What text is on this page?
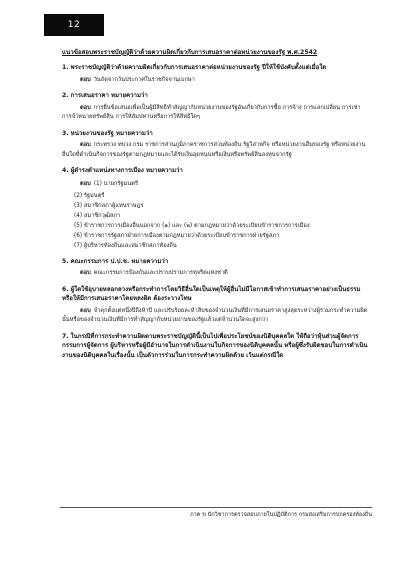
12
แนวข้อสอบพระราชบัญญัติว่าด้วยความผิดเกี่ยวกับการเสนอราคาต่อหน่วยงานของรัฐ พ.ศ.2542
1. พระราชบัญญัติว่าด้วยความผิดเกี่ยวกับการเสนอราคาต่อหน่วยงานของรัฐ ปีให้ใช้บังคับตั้งแต่เมื่อใด
ตอบ วันถัดจากวันประกาศในราชกิจจานุเบกษา
2. การเสนอราคา หมายความว่า
ตอบ การยื่นข้อเสนอเพื่อเป็นผู้มีสิทธิทำสัญญากับหน่วยงานของรัฐอันเกี่ยวกับการซื้อ การจ้าง การแลกเปลี่ยน การเช่า การจำหน่ายทรัพย์สิน การให้สัมปทานหรือการให้สิทธิใดๆ
3. หน่วยงานของรัฐ หมายความว่า
ตอบ กระทรวง ทบวง กรม ราชการส่วนภูมิภาคราชการส่วนท้องถิ่น รัฐวิสาหกิจ หรือหน่วยงานอื่นของรัฐ หรือหน่วยงานอื่นใดที่ดำเนินกิจการของรัฐตามกฎหมายและได้รับเงินอุดหนุนหรือเงินหรือทรัพย์สินลงทุนจากรัฐ
4. ผู้ดำรงตำแหน่งทางการเมือง หมายความว่า
ตอบ (1) นายกรัฐมนตรี
(2) รัฐมนตรี
(3) สมาชิกสภาผู้แทนราษฎร
(4) สมาชิกวุฒิสภา
(5) ข้าราชการการเมืองอื่นนอกจาก (๑) และ (๒) ตามกฎหมายว่าด้วยระเบียบข้าราชการการเมือง
(6) ข้าราชการรัฐสภาฝ่ายการเมืองตามกฎหมายว่าด้วยระเบียบข้าราชการฝ่ายรัฐสภา
(7) ผู้บริหารท้องถิ่นและสมาชิกสภาท้องถิ่น
5. คณะกรรมการ ป.ป.ช. หมายความว่า
ตอบ คณะกรรมการป้องกันและปราบปรามการทุจริตแห่งชาติ
6. ผู้ใดใช้อุบายหลอกลวงหรือกระทำการโดยวิธีอื่นใดเป็นเหตุให้ผู้อื่นไม่มีโอกาสเข้าทำการเสนอราคาอย่างเป็นธรรมหรือให้มีการเสนอราคาโดยหลงผิด ต้องระวางโทษ
ตอบ จำคุกตั้งแต่หนึ่งปีถึงห้าปี และปรับร้อยละห้าสิบของจำนวนเงินที่มีการเสนอราคาสูงสุดระหว่างผู้ร่วมกระทำความผิดนั้นหรือของจำนวนเงินที่มีการทำสัญญากับหน่วยงานของรัฐแล้วแต่จำนวนใดจะสูงกว่า
7. ในกรณีที่การกระทำความผิดตามพระราชบัญญัตินี้เป็นไปเพื่อประโยชน์ของนิติบุคคลใด ให้ถือว่าหุ้นส่วนผู้จัดการ กรรมการผู้จัดการ ผู้บริหารหรือผู้มีอำนาจในการดำเนินงานในกิจการของนิติบุคคลนั้น หรือผู้ซึ่งรับผิดชอบในการดำเนินงานของนิติบุคคลในเรื่องนั้น เป็นตัวการร่วมในการกระทำความผิดด้วย เว้นแต่กรณีใด
ภาค ข นักวิชาการตรวจสอบภายในปฏิบัติการ กรมส่งเสริมการปกครองท้องถิ่น
